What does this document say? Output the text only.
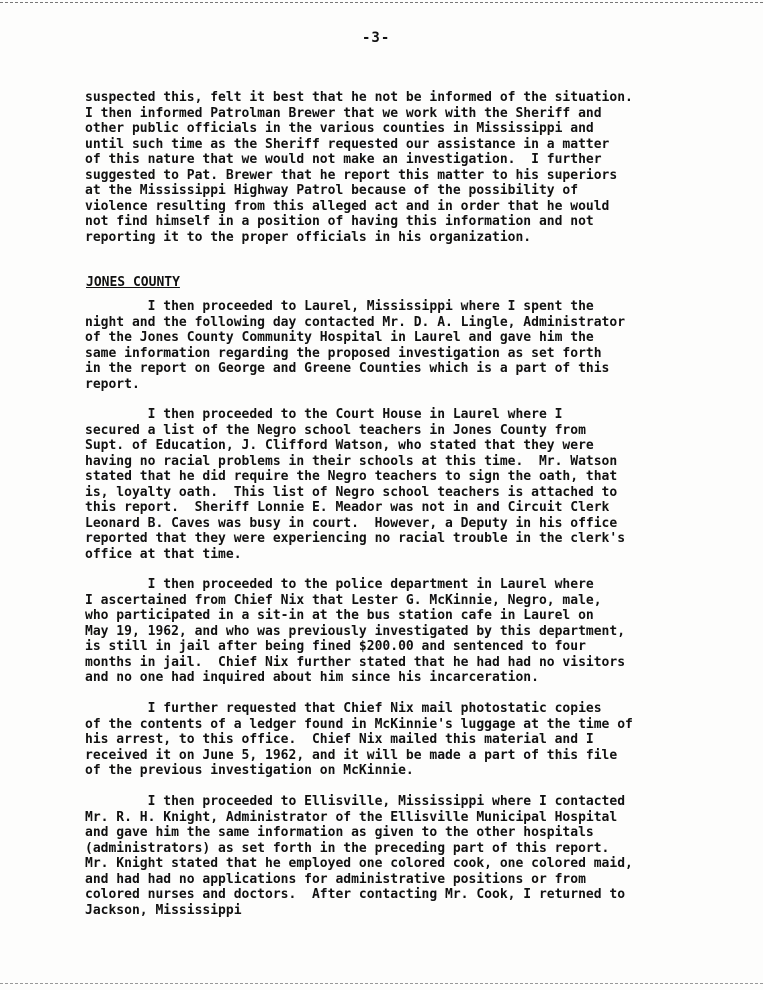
-3-

suspected this, felt it best that he not be informed of the situation.
I then informed Patrolman Brewer that we work with the Sheriff and
other public officials in the various counties in Mississippi and
until such time as the Sheriff requested our assistance in a matter
of this nature that we would not make an investigation.  I further
suggested to Pat. Brewer that he report this matter to his superiors
at the Mississippi Highway Patrol because of the possibility of
violence resulting from this alleged act and in order that he would
not find himself in a position of having this information and not
reporting it to the proper officials in his organization.

JONES COUNTY

I then proceeded to Laurel, Mississippi where I spent the
night and the following day contacted Mr. D. A. Lingle, Administrator
of the Jones County Community Hospital in Laurel and gave him the
same information regarding the proposed investigation as set forth
in the report on George and Greene Counties which is a part of this
report.

I then proceeded to the Court House in Laurel where I
secured a list of the Negro school teachers in Jones County from
Supt. of Education, J. Clifford Watson, who stated that they were
having no racial problems in their schools at this time.  Mr. Watson
stated that he did require the Negro teachers to sign the oath, that
is, loyalty oath.  This list of Negro school teachers is attached to
this report.  Sheriff Lonnie E. Meador was not in and Circuit Clerk
Leonard B. Caves was busy in court.  However, a Deputy in his office
reported that they were experiencing no racial trouble in the clerk's
office at that time.

I then proceeded to the police department in Laurel where
I ascertained from Chief Nix that Lester G. McKinnie, Negro, male,
who participated in a sit-in at the bus station cafe in Laurel on
May 19, 1962, and who was previously investigated by this department,
is still in jail after being fined $200.00 and sentenced to four
months in jail.  Chief Nix further stated that he had had no visitors
and no one had inquired about him since his incarceration.

I further requested that Chief Nix mail photostatic copies
of the contents of a ledger found in McKinnie's luggage at the time of
his arrest, to this office.  Chief Nix mailed this material and I
received it on June 5, 1962, and it will be made a part of this file
of the previous investigation on McKinnie.

I then proceeded to Ellisville, Mississippi where I contacted
Mr. R. H. Knight, Administrator of the Ellisville Municipal Hospital
and gave him the same information as given to the other hospitals
(administrators) as set forth in the preceding part of this report.
Mr. Knight stated that he employed one colored cook, one colored maid,
and had had no applications for administrative positions or from
colored nurses and doctors.  After contacting Mr. Cook, I returned to
Jackson, Mississippi
